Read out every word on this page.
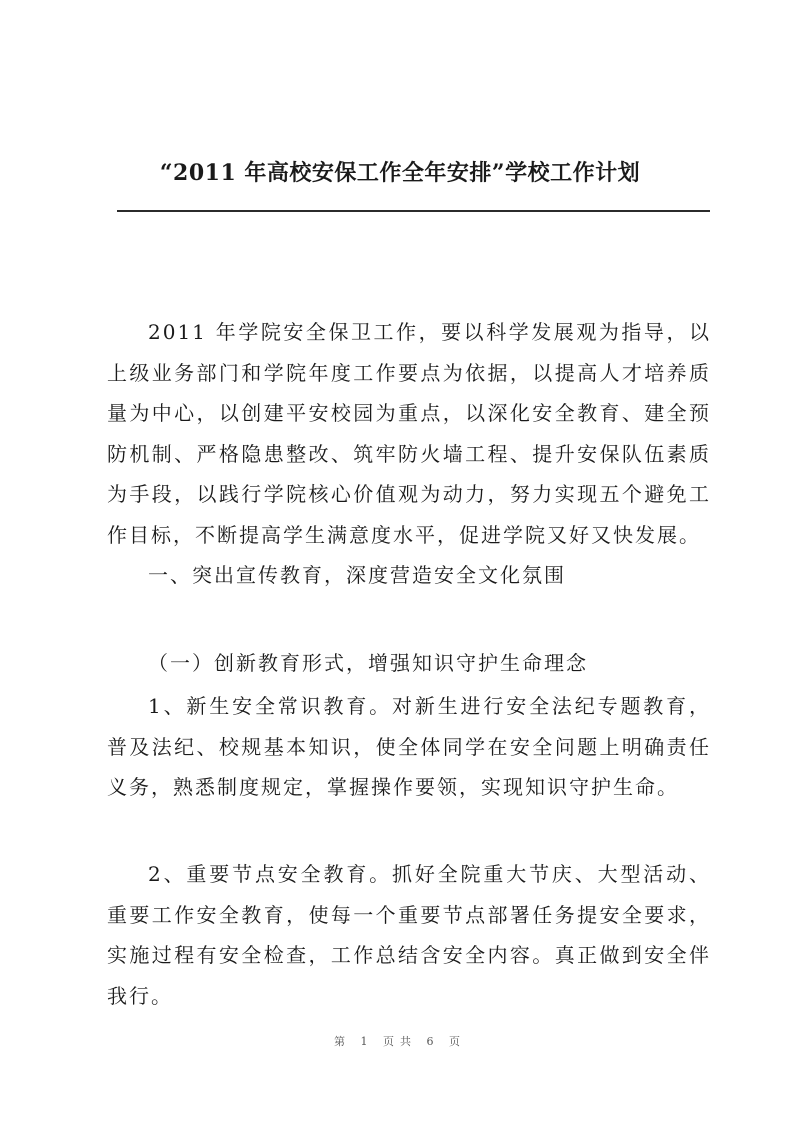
“2011 年高校安保工作全年安排”学校工作计划

2011 年学院安全保卫工作，要以科学发展观为指导，以上级业务部门和学院年度工作要点为依据，以提高人才培养质量为中心，以创建平安校园为重点，以深化安全教育、建全预防机制、严格隐患整改、筑牢防火墙工程、提升安保队伍素质为手段，以践行学院核心价值观为动力，努力实现五个避免工作目标，不断提高学生满意度水平，促进学院又好又快发展。

一、突出宣传教育，深度营造安全文化氛围

（一）创新教育形式，增强知识守护生命理念

1、新生安全常识教育。对新生进行安全法纪专题教育，普及法纪、校规基本知识，使全体同学在安全问题上明确责任义务，熟悉制度规定，掌握操作要领，实现知识守护生命。

2、重要节点安全教育。抓好全院重大节庆、大型活动、重要工作安全教育，使每一个重要节点部署任务提安全要求，实施过程有安全检查，工作总结含安全内容。真正做到安全伴我行。

第 1 页共 6 页
